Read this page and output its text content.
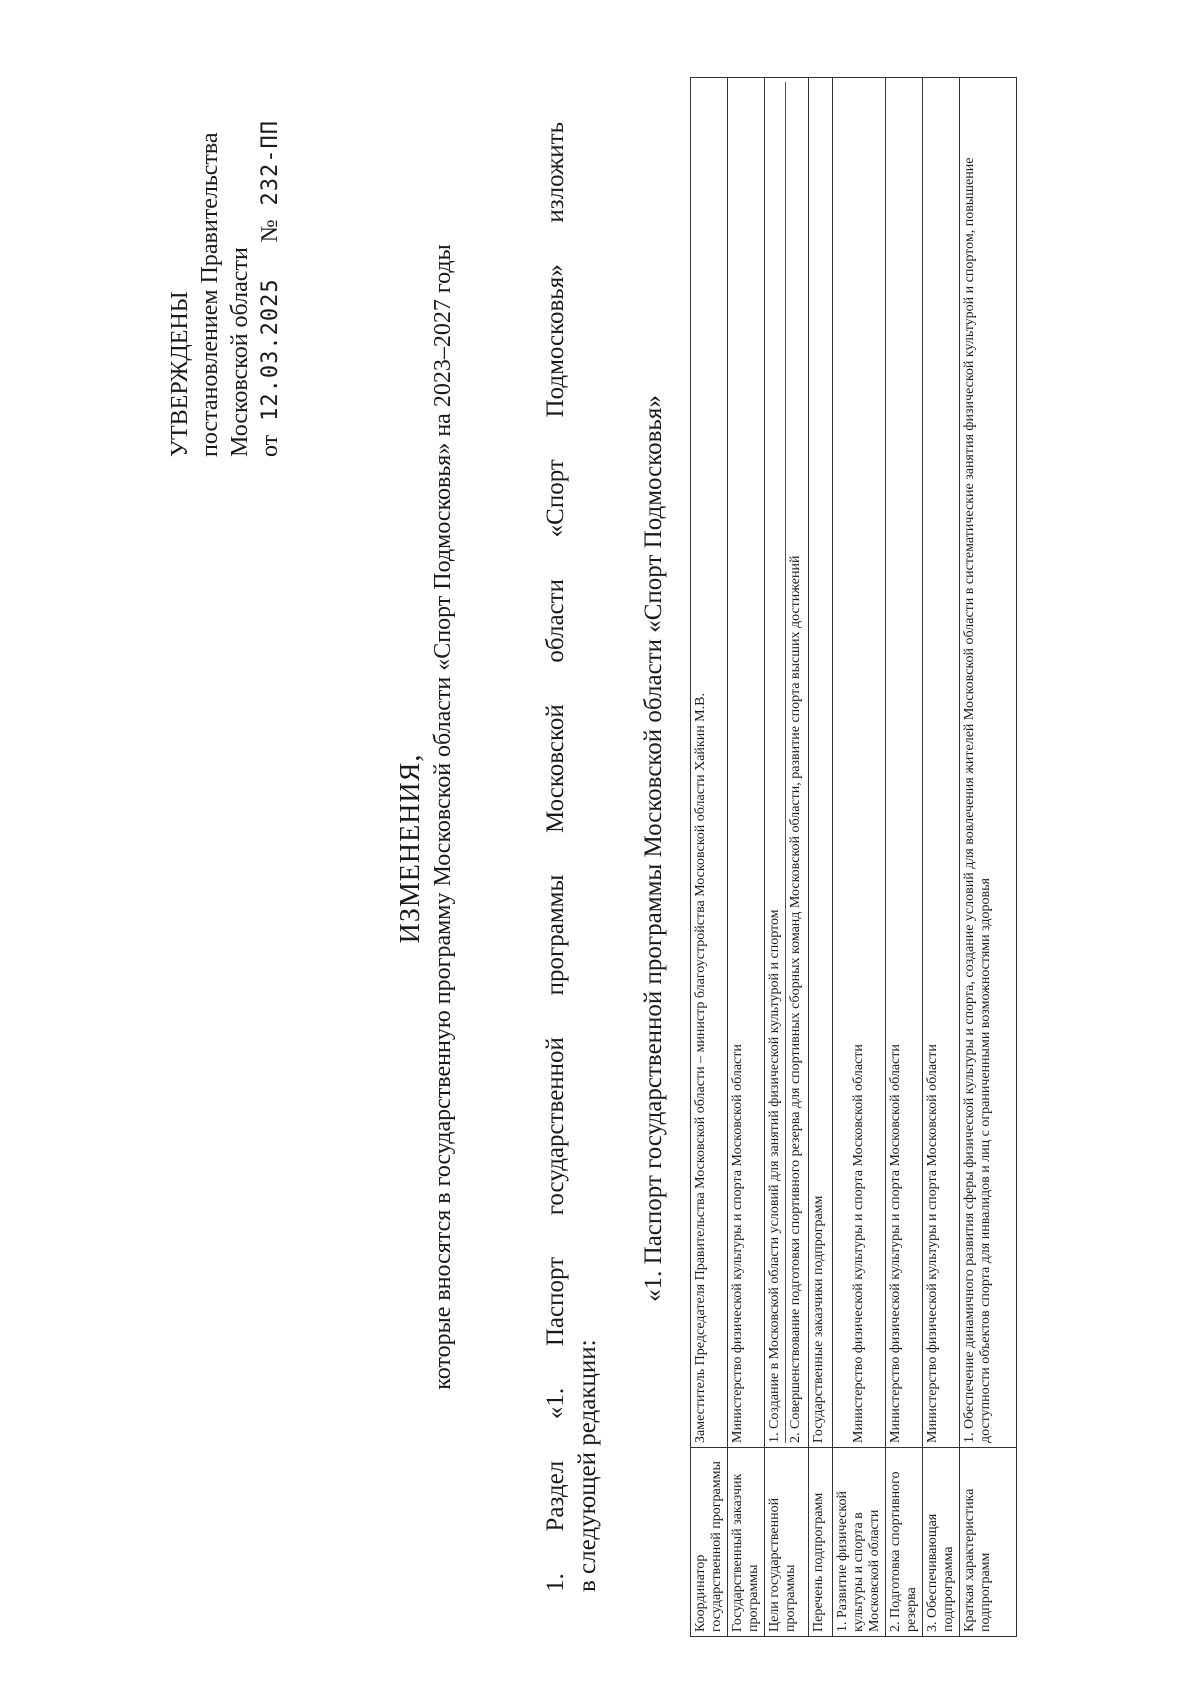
УТВЕРЖДЕНЫ постановлением Правительства Московской области от
12.03.2025
№
232-ПП
ИЗМЕНЕНИЯ, которые вносятся в государственную программу Московской области «Спорт Подмосковья» на 2023–2027 годы	1. Раздел «1. Паспорт государственной программы Московской области «Спорт Подмосковья» изложить в следующей редакции:
«1. Паспорт государственной программы Московской области «Спорт Подмосковья»
Координатор государственной программы	Заместитель Председателя Правительства Московской области – министр благоустройства Московской области Хайкин М.В.
Государственный заказчик программы	Министерство физической культуры и спорта Московской области
Цели государственной программы	1. Создание в Московской области условий для занятий физической культурой и спортом 2. Совершенствование подготовки спортивного резерва для спортивных сборных команд Московской области, развитие спорта высших достижений

Перечень подпрограмм	Государственные заказчики подпрограмм
1. Развитие физической культуры и спорта в Московской области	Министерство физической культуры и спорта Московской области
2. Подготовка спортивного резерва	Министерство физической культуры и спорта Московской области
3. Обеспечивающая подпрограмма	Министерство физической культуры и спорта Московской области
Краткая характеристика подпрограмм	1. Обеспечение динамичного развития сферы физической культуры и спорта, создание условий для вовлечения жителей Московской области в систематические занятия физической культурой и спортом, повышение доступности объектов спорта для инвалидов и лиц с ограниченными возможностями здоровья
